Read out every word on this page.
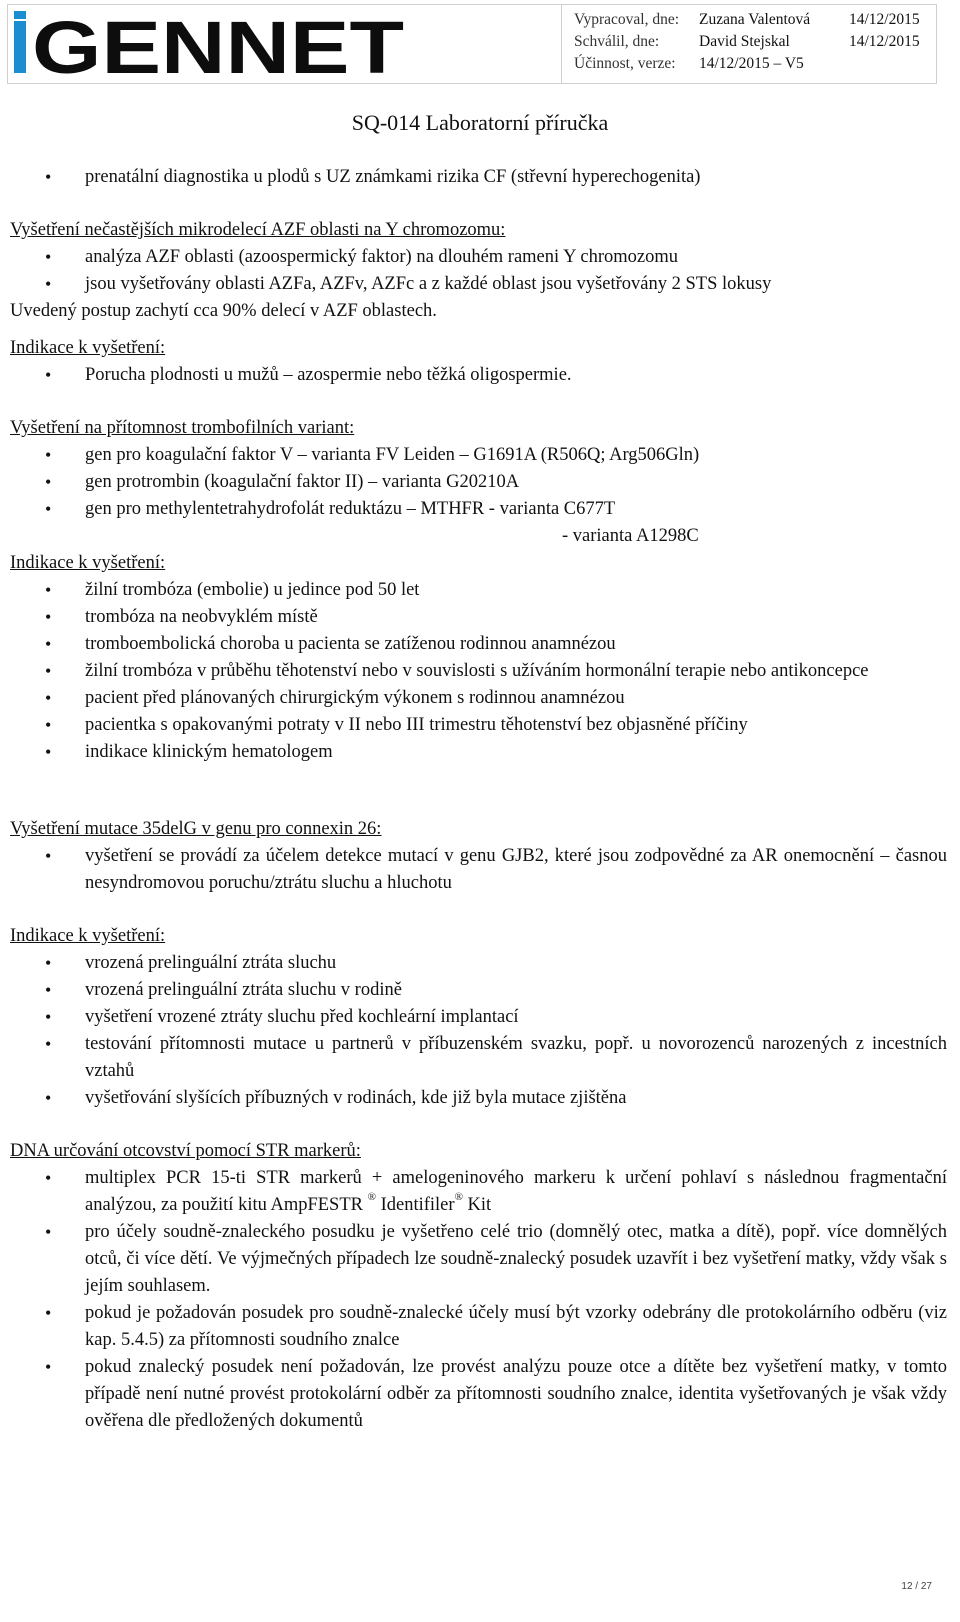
GENNET	Vypracoval, dne: Zuzana Valentová	14/12/2015
Schválil, dne:	David Stejskal	14/12/2015
Účinnost, verze: 14/12/2015 – V5
SQ-014 Laboratorní příručka
• prenatální diagnostika u plodů s UZ známkami rizika CF (střevní hyperechogenita)
Vyšetření nečastějších mikrodelecí AZF oblasti na Y chromozomu:
• analýza AZF oblasti (azoospermický faktor) na dlouhém rameni Y chromozomu
• jsou vyšetřovány oblasti AZFa, AZFv, AZFc a z každé oblast jsou vyšetřovány 2 STS lokusy
Uvedený postup zachytí cca 90% delecí v AZF oblastech.
Indikace k vyšetření:
• Porucha plodnosti u mužů – azospermie nebo těžká oligospermie.
Vyšetření na přítomnost trombofilních variant:
• gen pro koagulační faktor V – varianta FV Leiden – G1691A (R506Q; Arg506Gln)
• gen protrombin (koagulační faktor II) – varianta G20210A
• gen pro methylentetrahydrofolát reduktázu – MTHFR - varianta C677T
- varianta A1298C
Indikace k vyšetření:
• žilní trombóza (embolie) u jedince pod 50 let
• trombóza na neobvyklém místě
• tromboembolická choroba u pacienta se zatíženou rodinnou anamnézou
• žilní trombóza v průběhu těhotenství nebo v souvislosti s užíváním hormonální terapie nebo antikoncepce
• pacient před plánovaných chirurgickým výkonem s rodinnou anamnézou
• pacientka s opakovanými potraty v II nebo III trimestru těhotenství bez objasněné příčiny
• indikace klinickým hematologem
Vyšetření mutace 35delG v genu pro connexin 26:
• vyšetření se provádí za účelem detekce mutací v genu GJB2, které jsou zodpovědné za AR onemocnění – časnou nesyndromovou poruchu/ztrátu sluchu a hluchotu
Indikace k vyšetření:
• vrozená prelinguální ztráta sluchu
• vrozená prelinguální ztráta sluchu v rodině
• vyšetření vrozené ztráty sluchu před kochleární implantací
• testování přítomnosti mutace u partnerů v příbuzenském svazku, popř. u novorozenců narozených z incestních vztahů
• vyšetřování slyšících příbuzných v rodinách, kde již byla mutace zjištěna
DNA určování otcovství pomocí STR markerů:
• multiplex PCR 15-ti STR markerů + amelogeninového markeru k určení pohlaví s následnou fragmentační analýzou, za použití kitu AmpFESTR ® Identifiler® Kit
• pro účely soudně-znaleckého posudku je vyšetřeno celé trio (domnělý otec, matka a dítě), popř. více domnělých otců, či více dětí. Ve výjmečných případech lze soudně-znalecký posudek uzavřít i bez vyšetření matky, vždy však s jejím souhlasem.
• pokud je požadován posudek pro soudně-znalecké účely musí být vzorky odebrány dle protokolárního odběru (viz kap. 5.4.5) za přítomnosti soudního znalce
• pokud znalecký posudek není požadován, lze provést analýzu pouze otce a dítěte bez vyšetření matky, v tomto případě není nutné provést protokolární odběr za přítomnosti soudního znalce, identita vyšetřovaných je však vždy ověřena dle předložených dokumentů
12 / 27
